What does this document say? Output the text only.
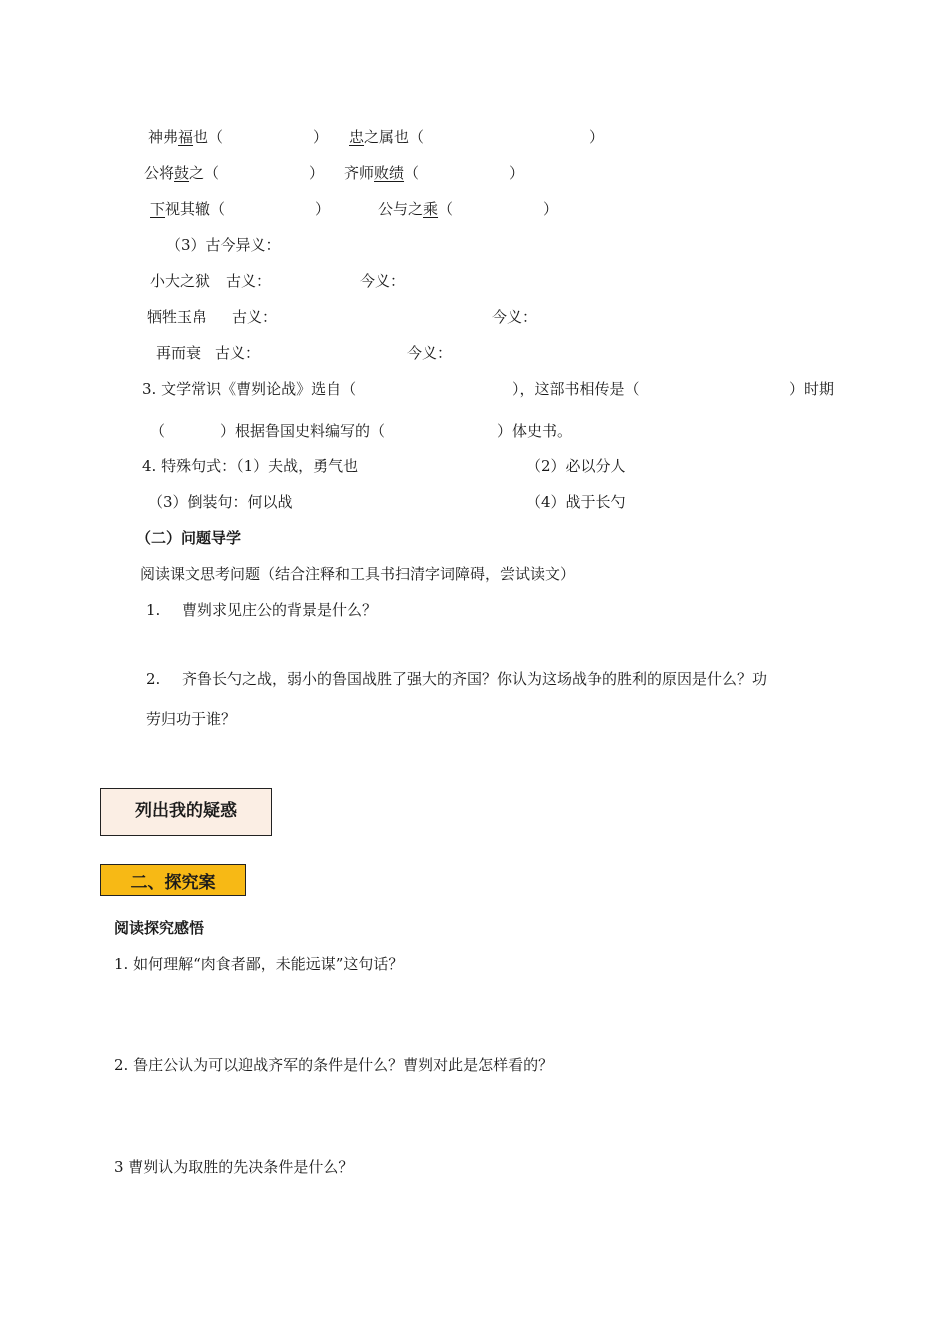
神弗福也（　　　　　　） 忠之属也（　　　　　　　　　　　）
公将鼓之（　　　　　　） 齐师败绩（　　　　　　）
下视其辙（　　　　　　）	公与之乘（　　　　　　）
（3）古今异义：
小大之狱 古义：	今义：
牺牲玉帛 古义：	今义：
再而衰 古义：	今义：
3. 文学常识《曹刿论战》选自（	），这部书相传是（	）时期
（	）根据鲁国史料编写的（	）体史书。
4. 特殊句式：（1）夫战，勇气也	（2）必以分人
（3）倒装句：何以战	（4）战于长勺
（二）问题导学
阅读课文思考问题（结合注释和工具书扫清字词障碍，尝试读文）
1. 曹刿求见庄公的背景是什么？
2. 齐鲁长勺之战，弱小的鲁国战胜了强大的齐国？你认为这场战争的胜利的原因是什么？功
劳归功于谁？
列出我的疑惑
二、探究案
阅读探究感悟
1. 如何理解“肉食者鄙，未能远谋”这句话？
2. 鲁庄公认为可以迎战齐军的条件是什么？曹刿对此是怎样看的？
3 曹刿认为取胜的先决条件是什么？
